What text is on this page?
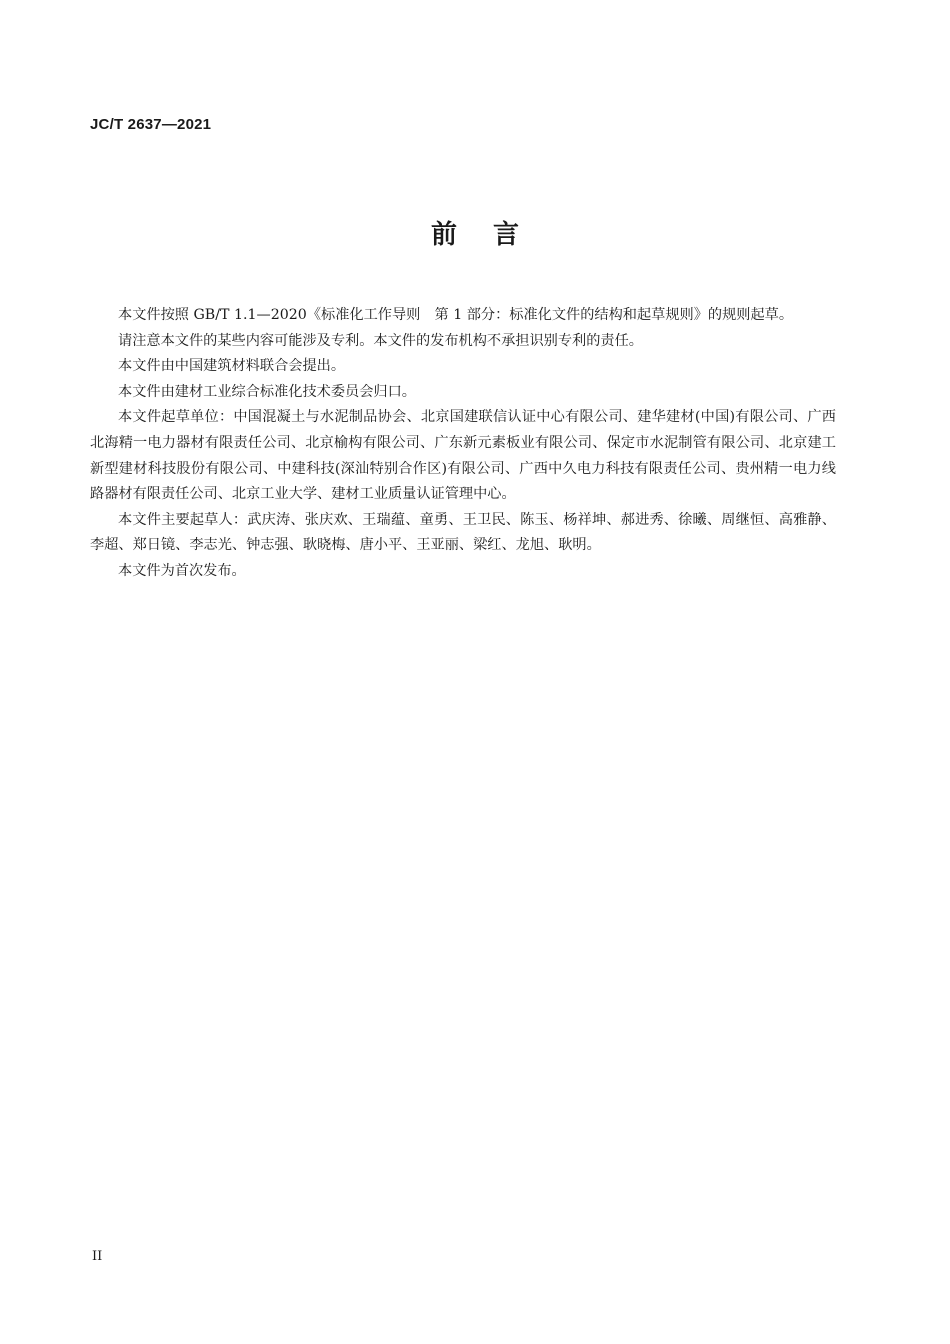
JC/T 2637—2021
前言

本文件按照 GB/T 1.1—2020《标准化工作导则　第 1 部分：标准化文件的结构和起草规则》的规则起草。

请注意本文件的某些内容可能涉及专利。本文件的发布机构不承担识别专利的责任。

本文件由中国建筑材料联合会提出。

本文件由建材工业综合标准化技术委员会归口。

本文件起草单位：中国混凝土与水泥制品协会、北京国建联信认证中心有限公司、建华建材(中国)有限公司、广西北海精一电力器材有限责任公司、北京榆构有限公司、广东新元素板业有限公司、保定市水泥制管有限公司、北京建工新型建材科技股份有限公司、中建科技(深汕特别合作区)有限公司、广西中久电力科技有限责任公司、贵州精一电力线路器材有限责任公司、北京工业大学、建材工业质量认证管理中心。

本文件主要起草人：武庆涛、张庆欢、王瑞蕴、童勇、王卫民、陈玉、杨祥坤、郝进秀、徐曦、周继恒、高雅静、李超、郑日镜、李志光、钟志强、耿晓梅、唐小平、王亚丽、梁红、龙旭、耿明。

本文件为首次发布。

II
